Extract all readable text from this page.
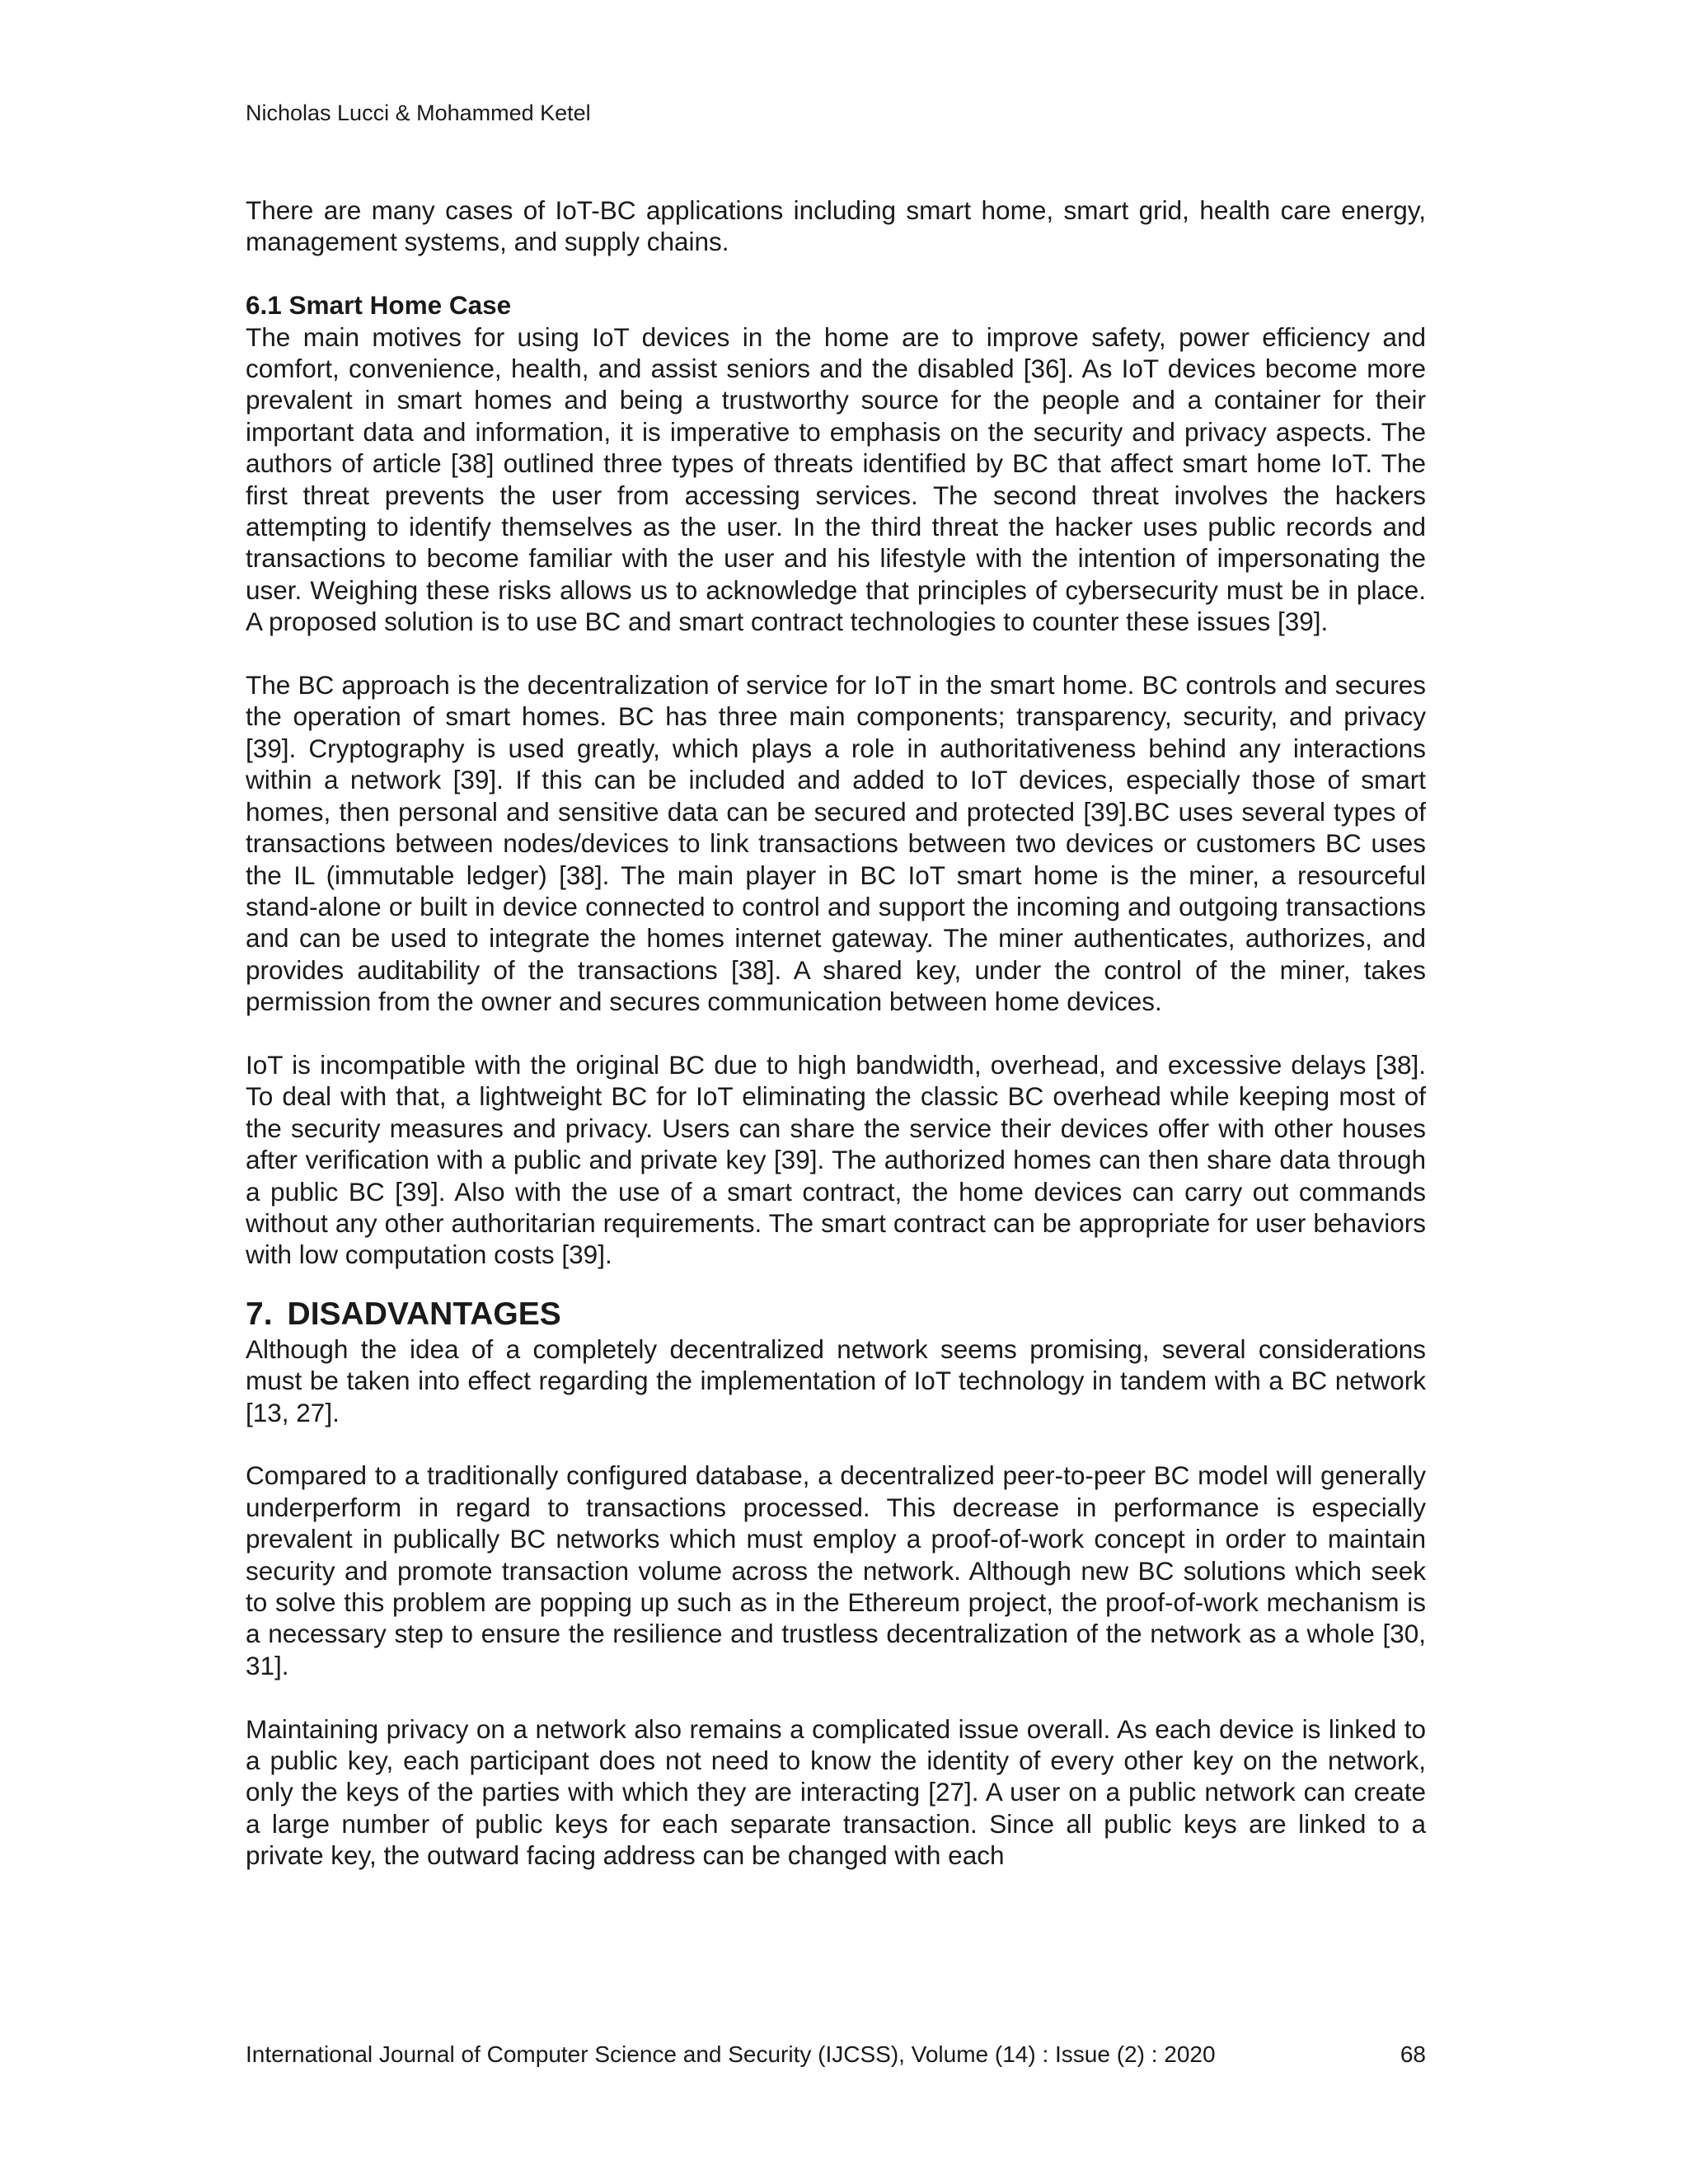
Nicholas Lucci & Mohammed Ketel

There are many cases of IoT-BC applications including smart home, smart grid, health care energy, management systems, and supply chains.

6.1 Smart Home Case

The main motives for using IoT devices in the home are to improve safety, power efficiency and comfort, convenience, health, and assist seniors and the disabled [36]. As IoT devices become more prevalent in smart homes and being a trustworthy source for the people and a container for their important data and information, it is imperative to emphasis on the security and privacy aspects. The authors of article [38] outlined three types of threats identified by BC that affect smart home IoT. The first threat prevents the user from accessing services. The second threat involves the hackers attempting to identify themselves as the user. In the third threat the hacker uses public records and transactions to become familiar with the user and his lifestyle with the intention of impersonating the user. Weighing these risks allows us to acknowledge that principles of cybersecurity must be in place. A proposed solution is to use BC and smart contract technologies to counter these issues [39].

The BC approach is the decentralization of service for IoT in the smart home. BC controls and secures the operation of smart homes. BC has three main components; transparency, security, and privacy [39]. Cryptography is used greatly, which plays a role in authoritativeness behind any interactions within a network [39]. If this can be included and added to IoT devices, especially those of smart homes, then personal and sensitive data can be secured and protected [39].BC uses several types of transactions between nodes/devices to link transactions between two devices or customers BC uses the IL (immutable ledger) [38]. The main player in BC IoT smart home is the miner, a resourceful stand-alone or built in device connected to control and support the incoming and outgoing transactions and can be used to integrate the homes internet gateway. The miner authenticates, authorizes, and provides auditability of the transactions [38]. A shared key, under the control of the miner, takes permission from the owner and secures communication between home devices.

IoT is incompatible with the original BC due to high bandwidth, overhead, and excessive delays [38]. To deal with that, a lightweight BC for IoT eliminating the classic BC overhead while keeping most of the security measures and privacy. Users can share the service their devices offer with other houses after verification with a public and private key [39]. The authorized homes can then share data through a public BC [39]. Also with the use of a smart contract, the home devices can carry out commands without any other authoritarian requirements. The smart contract can be appropriate for user behaviors with low computation costs [39].

7. DISADVANTAGES

Although the idea of a completely decentralized network seems promising, several considerations must be taken into effect regarding the implementation of IoT technology in tandem with a BC network [13, 27].

Compared to a traditionally configured database, a decentralized peer-to-peer BC model will generally underperform in regard to transactions processed. This decrease in performance is especially prevalent in publically BC networks which must employ a proof-of-work concept in order to maintain security and promote transaction volume across the network. Although new BC solutions which seek to solve this problem are popping up such as in the Ethereum project, the proof-of-work mechanism is a necessary step to ensure the resilience and trustless decentralization of the network as a whole [30, 31].

Maintaining privacy on a network also remains a complicated issue overall. As each device is linked to a public key, each participant does not need to know the identity of every other key on the network, only the keys of the parties with which they are interacting [27]. A user on a public network can create a large number of public keys for each separate transaction. Since all public keys are linked to a private key, the outward facing address can be changed with each

International Journal of Computer Science and Security (IJCSS), Volume (14) : Issue (2) : 2020	68
